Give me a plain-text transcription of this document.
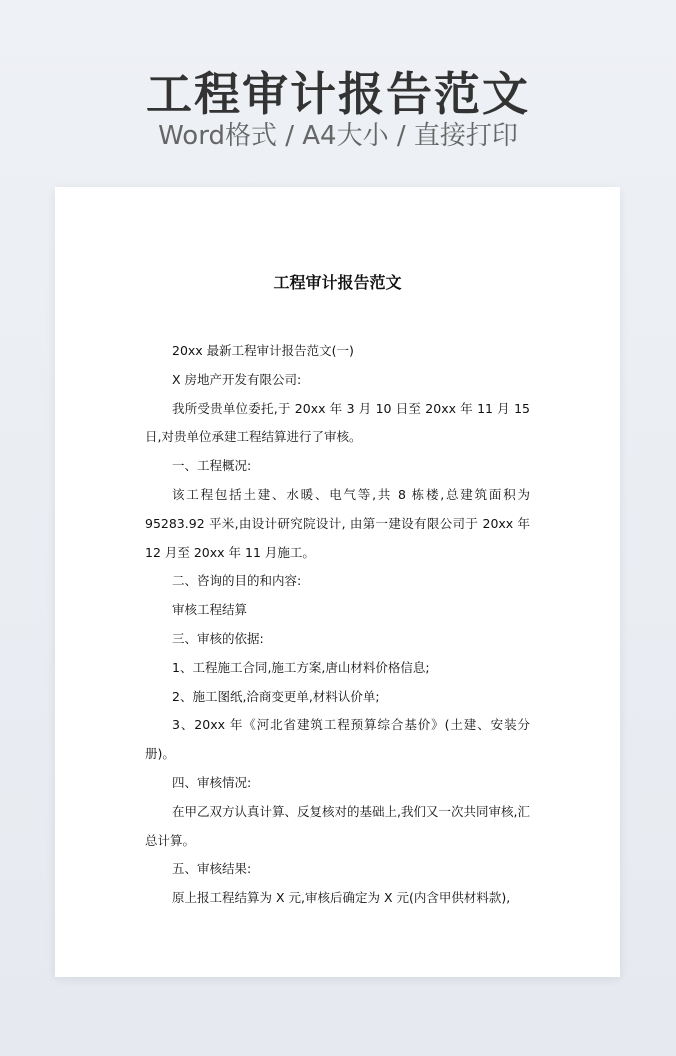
工程审计报告范文
Word格式 / A4大小 / 直接打印
工程审计报告范文

20xx 最新工程审计报告范文(一)

X 房地产开发有限公司:

我所受贵单位委托,于 20xx 年 3 月 10 日至 20xx 年 11 月 15 日,对贵单位承建工程结算进行了审核。

一、工程概况:

该工程包括土建、水暖、电气等,共 8 栋楼,总建筑面积为 95283.92 平米,由设计研究院设计, 由第一建设有限公司于 20xx 年 12 月至 20xx 年 11 月施工。

二、咨询的目的和内容:

审核工程结算

三、审核的依据:

1、工程施工合同,施工方案,唐山材料价格信息;

2、施工图纸,洽商变更单,材料认价单;

3、20xx 年《河北省建筑工程预算综合基价》(土建、安装分册)。

四、审核情况:

在甲乙双方认真计算、反复核对的基础上,我们又一次共同审核,汇总计算。

五、审核结果:

原上报工程结算为 X 元,审核后确定为 X 元(内含甲供材料款),
